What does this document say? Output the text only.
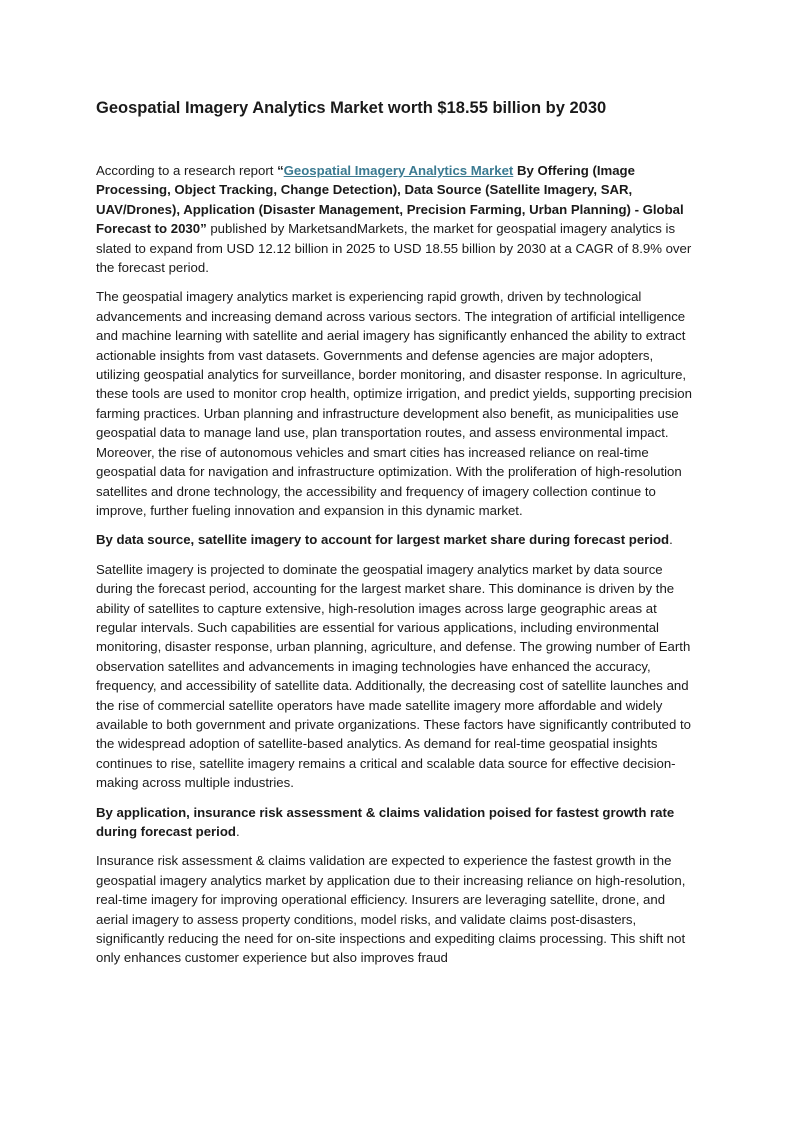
Geospatial Imagery Analytics Market worth $18.55 billion by 2030

According to a research report “Geospatial Imagery Analytics Market By Offering (Image Processing, Object Tracking, Change Detection), Data Source (Satellite Imagery, SAR, UAV/Drones), Application (Disaster Management, Precision Farming, Urban Planning) - Global Forecast to 2030” published by MarketsandMarkets, the market for geospatial imagery analytics is slated to expand from USD 12.12 billion in 2025 to USD 18.55 billion by 2030 at a CAGR of 8.9% over the forecast period.

The geospatial imagery analytics market is experiencing rapid growth, driven by technological advancements and increasing demand across various sectors. The integration of artificial intelligence and machine learning with satellite and aerial imagery has significantly enhanced the ability to extract actionable insights from vast datasets. Governments and defense agencies are major adopters, utilizing geospatial analytics for surveillance, border monitoring, and disaster response. In agriculture, these tools are used to monitor crop health, optimize irrigation, and predict yields, supporting precision farming practices. Urban planning and infrastructure development also benefit, as municipalities use geospatial data to manage land use, plan transportation routes, and assess environmental impact. Moreover, the rise of autonomous vehicles and smart cities has increased reliance on real-time geospatial data for navigation and infrastructure optimization. With the proliferation of high-resolution satellites and drone technology, the accessibility and frequency of imagery collection continue to improve, further fueling innovation and expansion in this dynamic market.

By data source, satellite imagery to account for largest market share during forecast period.

Satellite imagery is projected to dominate the geospatial imagery analytics market by data source during the forecast period, accounting for the largest market share. This dominance is driven by the ability of satellites to capture extensive, high-resolution images across large geographic areas at regular intervals. Such capabilities are essential for various applications, including environmental monitoring, disaster response, urban planning, agriculture, and defense. The growing number of Earth observation satellites and advancements in imaging technologies have enhanced the accuracy, frequency, and accessibility of satellite data. Additionally, the decreasing cost of satellite launches and the rise of commercial satellite operators have made satellite imagery more affordable and widely available to both government and private organizations. These factors have significantly contributed to the widespread adoption of satellite-based analytics. As demand for real-time geospatial insights continues to rise, satellite imagery remains a critical and scalable data source for effective decision-making across multiple industries.

By application, insurance risk assessment & claims validation poised for fastest growth rate during forecast period.

Insurance risk assessment & claims validation are expected to experience the fastest growth in the geospatial imagery analytics market by application due to their increasing reliance on high-resolution, real-time imagery for improving operational efficiency. Insurers are leveraging satellite, drone, and aerial imagery to assess property conditions, model risks, and validate claims post-disasters, significantly reducing the need for on-site inspections and expediting claims processing. This shift not only enhances customer experience but also improves fraud
